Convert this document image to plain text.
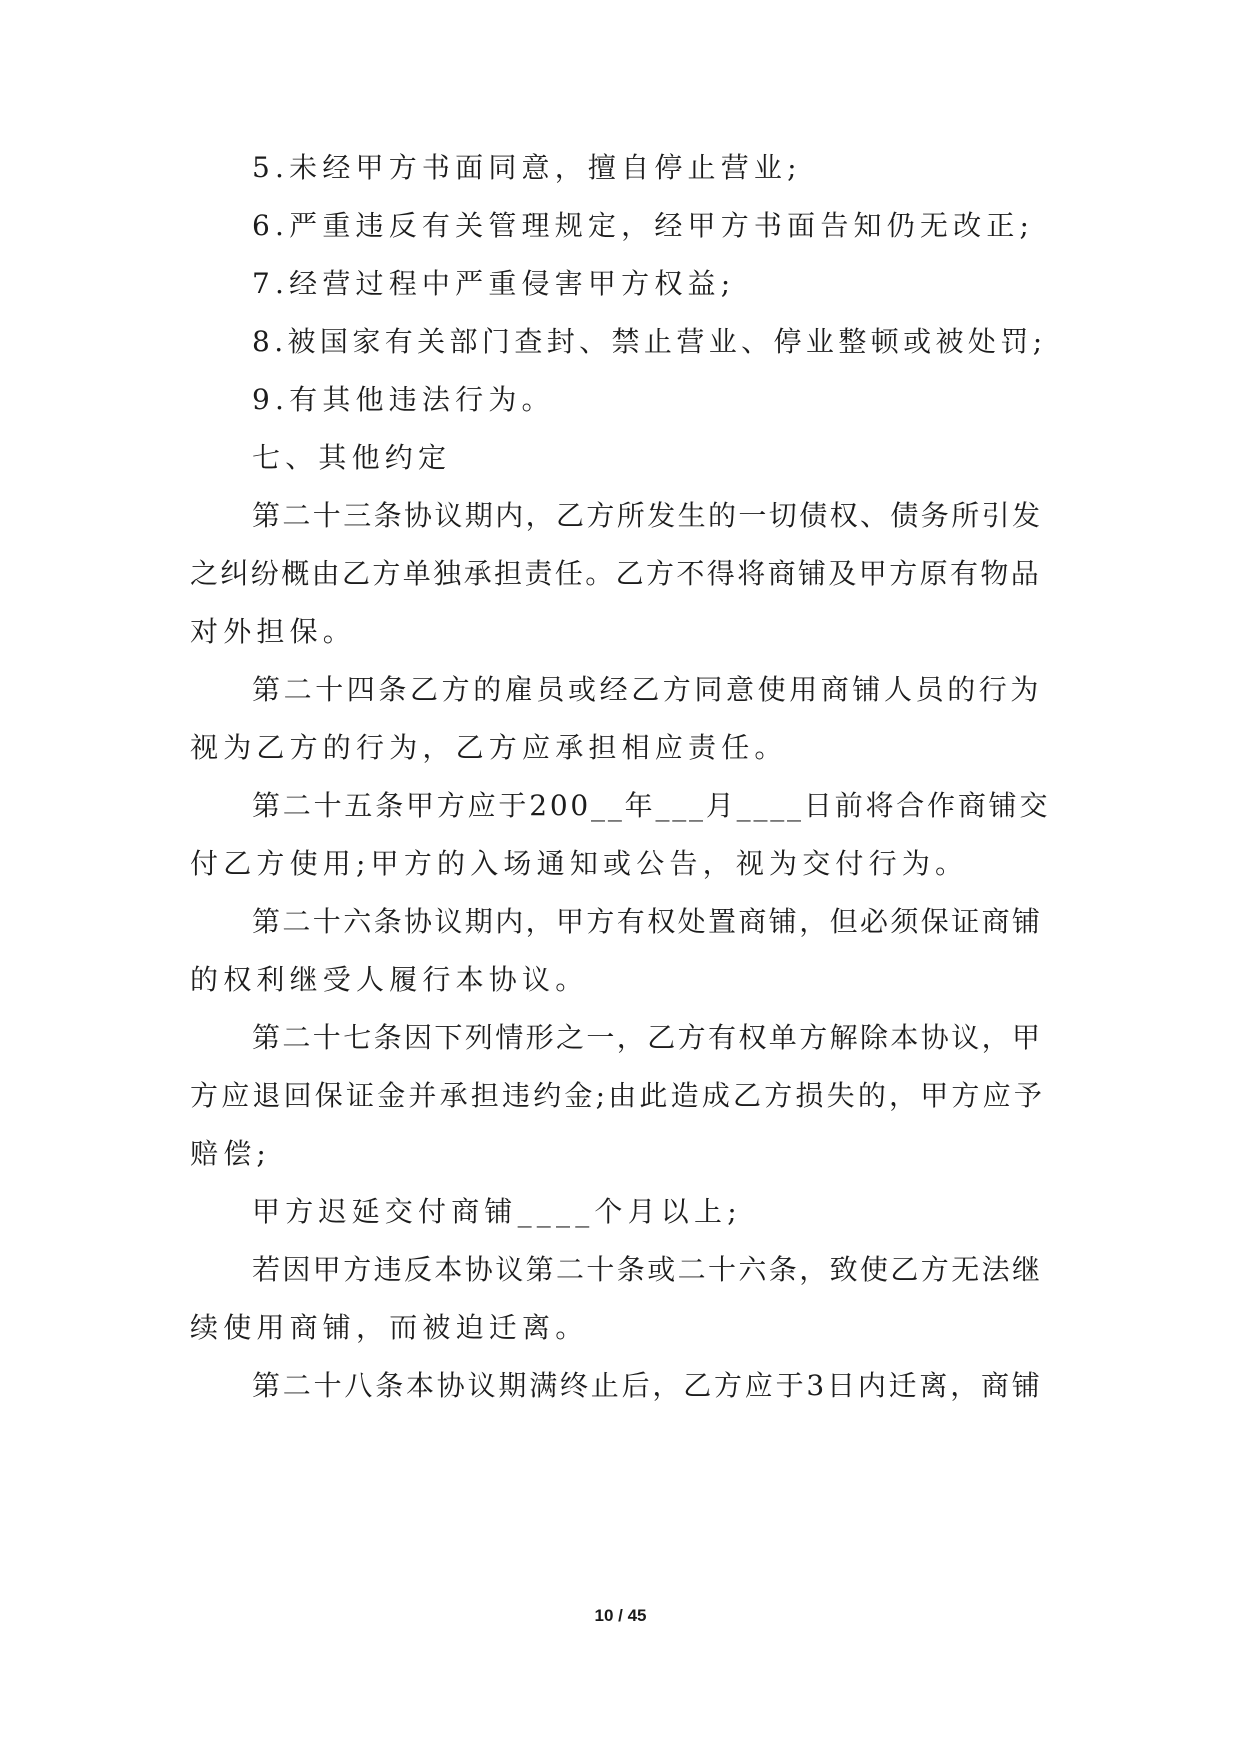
5.未经甲方书面同意，擅自停止营业;
6.严重违反有关管理规定，经甲方书面告知仍无改正;
7.经营过程中严重侵害甲方权益;
8.被国家有关部门查封、禁止营业、停业整顿或被处罚;
9.有其他违法行为。
七、其他约定
第二十三条协议期内，乙方所发生的一切债权、债务所引发
之纠纷概由乙方单独承担责任。乙方不得将商铺及甲方原有物品
对外担保。
第二十四条乙方的雇员或经乙方同意使用商铺人员的行为
视为乙方的行为，乙方应承担相应责任。
第二十五条甲方应于200__年___月____日前将合作商铺交
付乙方使用;甲方的入场通知或公告，视为交付行为。
第二十六条协议期内，甲方有权处置商铺，但必须保证商铺
的权利继受人履行本协议。
第二十七条因下列情形之一，乙方有权单方解除本协议，甲
方应退回保证金并承担违约金;由此造成乙方损失的，甲方应予
赔偿;
甲方迟延交付商铺____个月以上;
若因甲方违反本协议第二十条或二十六条，致使乙方无法继
续使用商铺，而被迫迁离。
第二十八条本协议期满终止后，乙方应于3日内迁离，商铺
10 / 45
